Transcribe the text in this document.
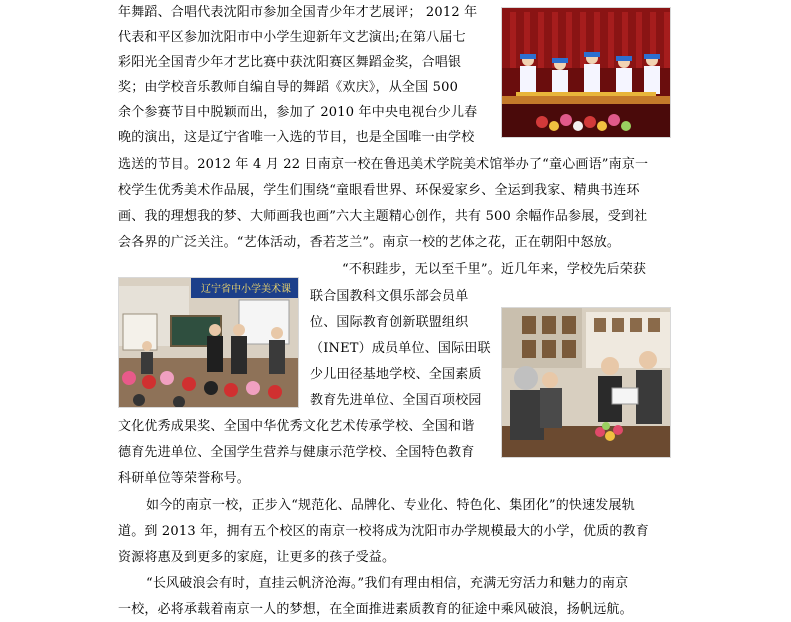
年舞蹈、合唱代表沈阳市参加全国青少年才艺展评； 2012 年
代表和平区参加沈阳市中小学生迎新年文艺演出;在第八届七
彩阳光全国青少年才艺比赛中获沈阳赛区舞蹈金奖，合唱银
奖；由学校音乐教师自编自导的舞蹈《欢庆》，从全国 500
余个参赛节目中脱颖而出，参加了 2010 年中央电视台少儿春
晚的演出，这是辽宁省唯一入选的节目，也是全国唯一由学校
选送的节目。2012 年 4 月 22 日南京一校在鲁迅美术学院美术馆举办了“童心画语”南京一
校学生优秀美术作品展，学生们围绕“童眼看世界、环保爱家乡、全运到我家、精典书连环
画、我的理想我的梦、大师画我也画”六大主题精心创作，共有 500 余幅作品参展，受到社
会各界的广泛关注。“艺体活动，香若芝兰”。南京一校的艺体之花，正在朝阳中怒放。
“不积跬步，无以至千里”。近几年来，学校先后荣获
联合国教科文俱乐部会员单
位、国际教育创新联盟组织
（INET）成员单位、国际田联
少儿田径基地学校、全国素质
教育先进单位、全国百项校园
文化优秀成果奖、全国中华优秀文化艺术传承学校、全国和谐
德育先进单位、全国学生营养与健康示范学校、全国特色教育
科研单位等荣誉称号。
如今的南京一校，正步入“规范化、品牌化、专业化、特色化、集团化”的快速发展轨
道。到 2013 年，拥有五个校区的南京一校将成为沈阳市办学规模最大的小学，优质的教育
资源将惠及到更多的家庭，让更多的孩子受益。
“长风破浪会有时，直挂云帆济沧海。”我们有理由相信，充满无穷活力和魅力的南京
一校，必将承载着南京一人的梦想，在全面推进素质教育的征途中乘风破浪，扬帆远航。
辽宁省中小学美术课
